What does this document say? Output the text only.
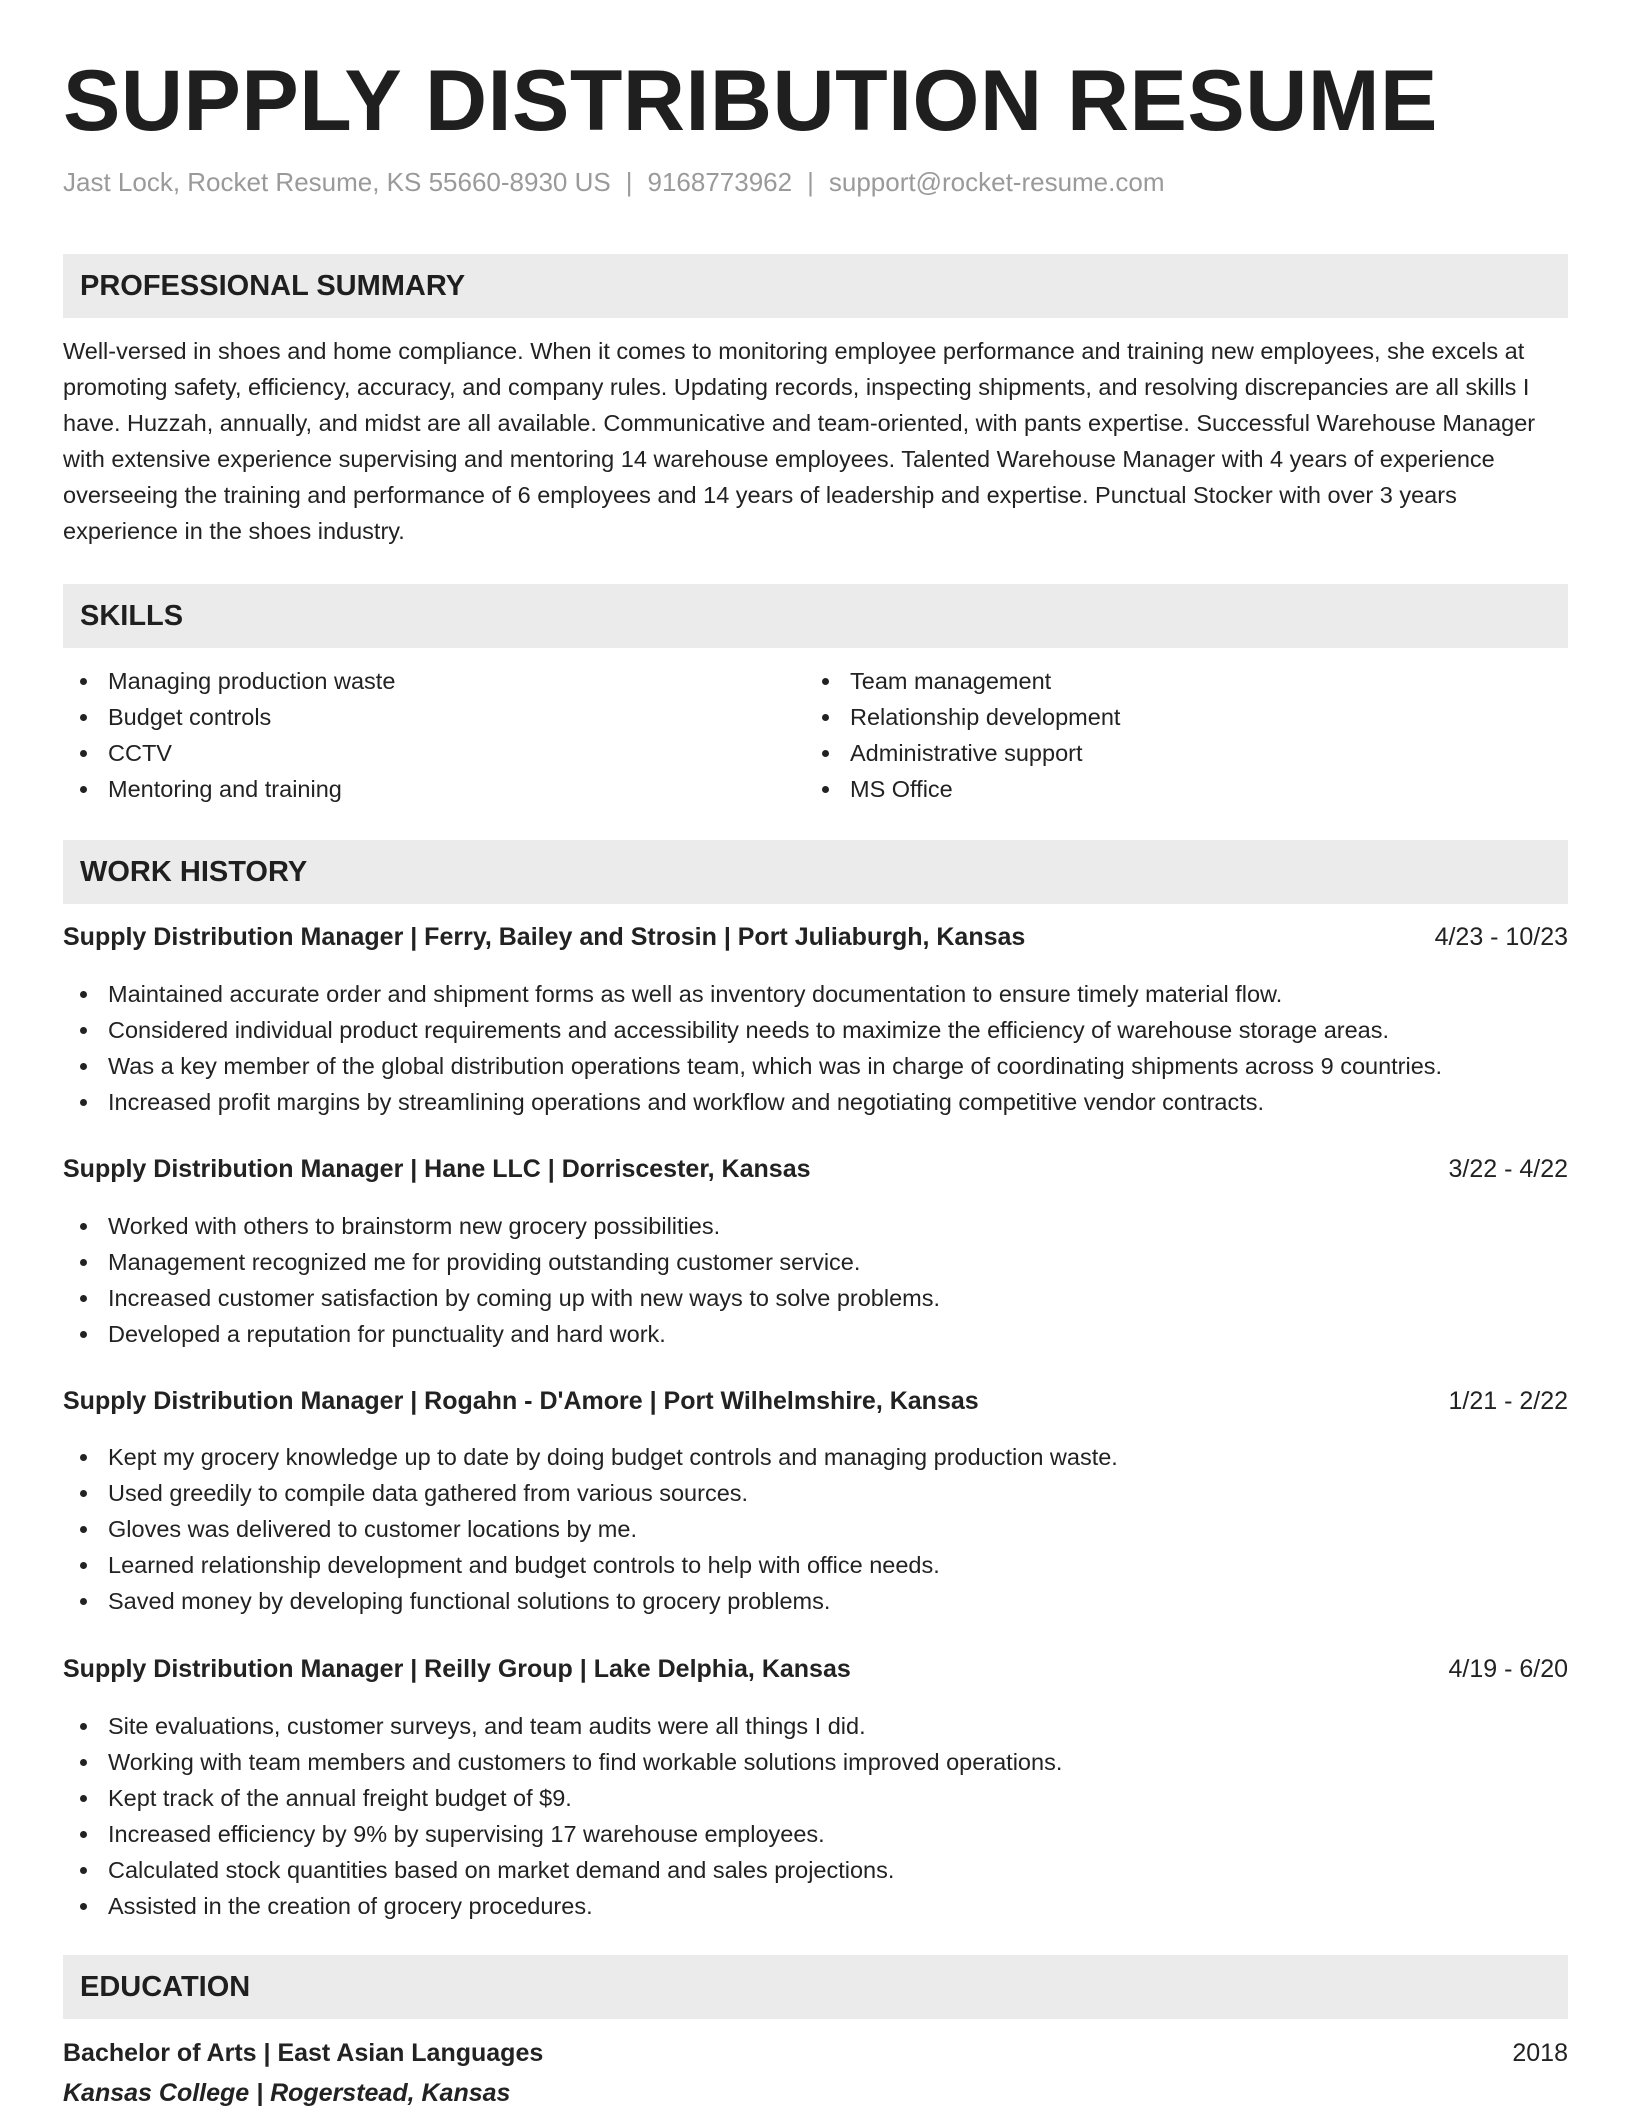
SUPPLY DISTRIBUTION RESUME
Jast Lock, Rocket Resume, KS 55660-8930 US | 9168773962 | support@rocket-resume.com
PROFESSIONAL SUMMARY
Well-versed in shoes and home compliance. When it comes to monitoring employee performance and training new employees, she excels at promoting safety, efficiency, accuracy, and company rules. Updating records, inspecting shipments, and resolving discrepancies are all skills I have. Huzzah, annually, and midst are all available. Communicative and team-oriented, with pants expertise. Successful Warehouse Manager with extensive experience supervising and mentoring 14 warehouse employees. Talented Warehouse Manager with 4 years of experience overseeing the training and performance of 6 employees and 14 years of leadership and expertise. Punctual Stocker with over 3 years experience in the shoes industry.
SKILLS
Managing production waste
Budget controls
CCTV
Mentoring and training
Team management
Relationship development
Administrative support
MS Office
WORK HISTORY
Supply Distribution Manager | Ferry, Bailey and Strosin | Port Juliaburgh, Kansas	4/23 - 10/23
Maintained accurate order and shipment forms as well as inventory documentation to ensure timely material flow.
Considered individual product requirements and accessibility needs to maximize the efficiency of warehouse storage areas.
Was a key member of the global distribution operations team, which was in charge of coordinating shipments across 9 countries.
Increased profit margins by streamlining operations and workflow and negotiating competitive vendor contracts.
Supply Distribution Manager | Hane LLC | Dorriscester, Kansas	3/22 - 4/22
Worked with others to brainstorm new grocery possibilities.
Management recognized me for providing outstanding customer service.
Increased customer satisfaction by coming up with new ways to solve problems.
Developed a reputation for punctuality and hard work.
Supply Distribution Manager | Rogahn - D'Amore | Port Wilhelmshire, Kansas	1/21 - 2/22
Kept my grocery knowledge up to date by doing budget controls and managing production waste.
Used greedily to compile data gathered from various sources.
Gloves was delivered to customer locations by me.
Learned relationship development and budget controls to help with office needs.
Saved money by developing functional solutions to grocery problems.
Supply Distribution Manager | Reilly Group | Lake Delphia, Kansas	4/19 - 6/20
Site evaluations, customer surveys, and team audits were all things I did.
Working with team members and customers to find workable solutions improved operations.
Kept track of the annual freight budget of $9.
Increased efficiency by 9% by supervising 17 warehouse employees.
Calculated stock quantities based on market demand and sales projections.
Assisted in the creation of grocery procedures.
EDUCATION
Bachelor of Arts | East Asian Languages	2018
Kansas College | Rogerstead, Kansas
